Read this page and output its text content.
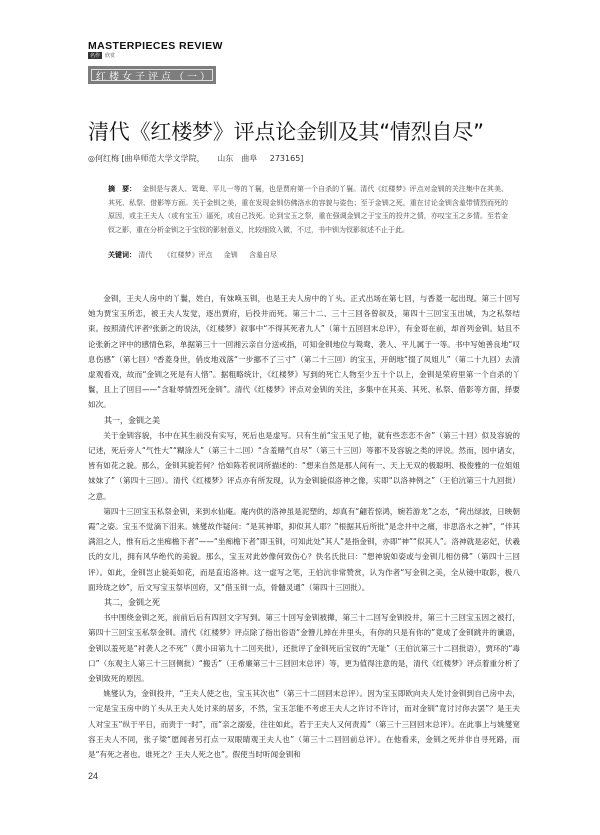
MASTERPIECES REVIEW
名作	欣赏
红楼女子评点（一）
清代《红楼梦》评点论金钏及其“情烈自尽”
◎何红梅 [曲阜师范大学文学院， 山东　曲阜 273165]
摘　要： 金钏是与袭人、鸳鸯、平儿一等的丫鬟，也是贾府第一个自杀的丫鬟。清代《红楼梦》评点对金钏的关注集中在其美、其死、私祭、借影等方面。关于金钏之美，重在发现金钏仿佛洛水的容貌与姿色；至于金钏之死，重在讨论金钏含羞带情烈而死的原因，或主王夫人（或有宝玉）逼死，或自己找死。论到宝玉之祭，重在强调金钏之于宝玉的投井之情，亦叹宝玉之多情。至若金钗之影，重在分析金钏之于宝钗的影射意义，比较细致入微，不过，书中钏为钗影叙述不止于此。
关键词： 清代 《红楼梦》评点 金钏 含羞自尽

金钏，王夫人房中的丫鬟，姓白，有妹唤玉钏，也是王夫人房中的丫头。正式出场在第七回，与香菱一起出现。第三十回写她为贾宝玉所恋，被王夫人发觉，逐出贾府，后投井而死。第三十二、三十三回各曾叙及，第四十三回宝玉出城，为之私祭结束。按照清代评者⁰张新之的说法，《红楼梦》叙事中“不得其死者九人”（第十五回回末总评），有金哥在前，却首列金钏。姑且不论张新之评中的感情色彩，单据第三十一回湘云亲自分送戒指，可知金钏地位与鸳鸯、袭人、平儿属于一等。书中写她善良地“叹息伤感”（第七回）⁰香菱身世，俏皮地戏落“一步挪不了三寸”（第二十三回）的宝玉，开朗地“掇了凤姐儿”（第二十九回）去清虚观看戏，故而“金钏之死是有人惜”。据粗略统计，《红楼梦》写到的死亡人物至少五十个以上，金钏是荣府里第一个自杀的丫鬟，且上了回目——“含耻辱情烈死金钏”。清代《红楼梦》评点对金钏的关注，多集中在其美、其死、私祭、借影等方面，择要如次。

其一，金钏之美

关于金钏容貌，书中在其生前没有实写，死后也是虚写。只有生前“宝玉见了他，就有些恋恋不舍”（第三十回）似及容貌的记述，死后旁人“气性大”“糊涂人”（第三十二回）“含羞赌气自尽”（第三十三回）等都不及容貌之类的评说。然而，园中诸女，皆有如花之貌。那么，金钏其貌若何？恰如陈若祝词所描述的：“想来自然是那人间有一、天上无双的极聪明、极俊雅的一位姐姐妹妹了”（第四十三回）。清代《红楼梦》评点亦有所发现，认为金钏貌似洛神之像，实即“以洛神例之”（王伯沆第三十九回批）之意。

第四十三回宝玉私祭金钏，来到水仙庵。庵内供的洛神虽是泥塑的，却真有“翩若惊鸿，婉若游龙”之态，“荷出绿波，日映朝霞”之姿。宝玉不觉滴下泪来。姚燮故作疑问：“是其神耶，抑似其人耶？”根据其后所批“是念井中之痛，非思洛水之神”，“伴其满泪之人，惟有后之坐痴檐下者”——“坐痴檐下者”即玉钏，可知此处“其人”是指金钏，亦即“神”“似其人”。洛神就是宓妃，伏羲氏的女儿，拥有风华绝代的美貌。那么，宝玉对此妙像何致伤心？佚名氏批曰：“想神貌如姿或与金钏儿相仿佛”（第四十三回评）。如此，金钏岂止貌美如花，而是直追洛神。这一虚写之笔，王伯沆非常赞赏，认为作者“写金钏之美，全从镜中取影，极八面玲珑之妙”，后文写宝玉祭毕回府，又“借玉钏一点，骨髓灵通”（第四十三回批）。

其二，金钏之死

书中围绕金钏之死，前前后后有四回文字写到。第三十回写金钏被撵，第三十二回写金钏投井，第三十三回宝玉因之被打，第四十三回宝玉私祭金钏。清代《红楼梦》评点除了指出俗语“金簪儿掉在井里头，有你的只是有你的”竟成了金钏跳井的谶语，金钏以羞死是“衬袭人之不死”（黄小田第九十二回夹批），还批评了金钏死后宝钗的“无耻”（王伯沆第三十二回批语），贾环的“毒口”（东观主人第三十三回侧批）“搬舌”（王希廉第三十三回回末总评）等，更为值得注意的是，清代《红楼梦》评点着重分析了金钏致死的原因。

姚燮认为，金钏投井，“王夫人使之也，宝玉其次也”（第三十二回回末总评）。因为宝玉即欧向夫人处讨金钏到自己房中去，一定是宝玉房中的丫头从王夫人处讨来的居多，不然，宝玉怎能不考虑王夫人之许讨不许讨，而对金钏“竟讨讨你去罢”？是王夫人对宝玉“纵于平日，而责于一时”，而“亲之溺爱，往往如此，若于王夫人又何责焉”（第三十三回回末总评）。在此事上与姚燮宽容王夫人不同，张子梁“愿闻者另打点一双眼睛观王夫人也”（第三十二回回前总评）。在他看来，金钏之死并非自寻死路，而是“有死之者也。谁死之？王夫人死之也”。假使当时听闻金钏和

24
